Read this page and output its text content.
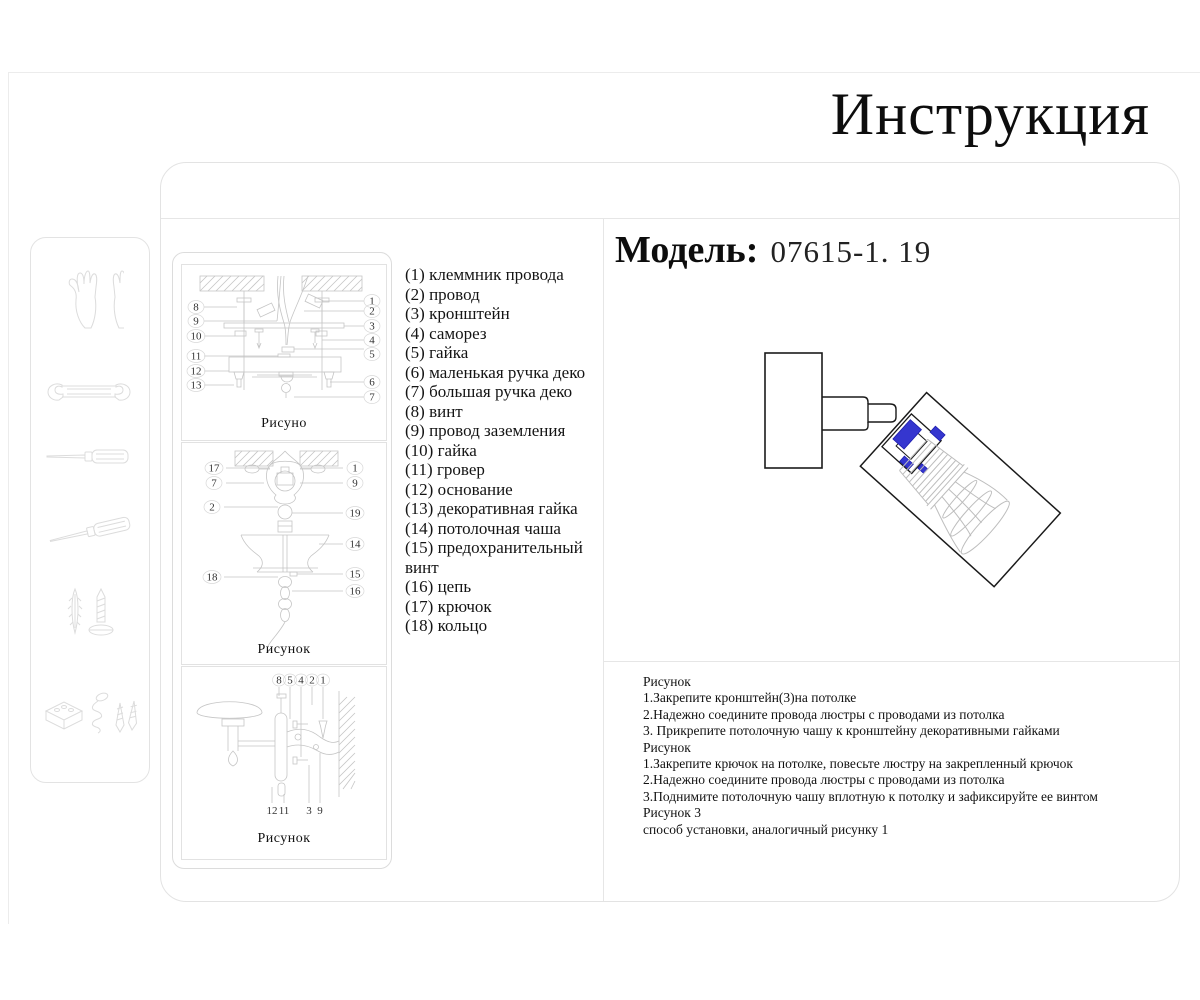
Инструкция
8
9
10
11
12
13
1
2
3
4
5
6
7
Рисуно
17
7
2
18
1
9
19
14
15
16
Рисунок
8 5 4 2 1
12 11 3 9
Рисунок
(1) клеммник провода
(2) провод
(3) кронштейн
(4) саморез
(5) гайка
(6) маленькая ручка деко
(7) большая ручка деко
(8) винт
(9) провод заземления
(10) гайка
(11) гровер
(12) основание
(13) декоративная гайка
(14) потолочная чаша
(15) предохранительный винт
(16) цепь
(17) крючок
(18) кольцо
Модель: 07615-1. 19
Рисунок
1.Закрепите кронштейн(3)на потолке
2.Надежно соедините провода люстры с проводами из потолка
3. Прикрепите потолочную чашу к кронштейну декоративными гайками
Рисунок
1.Закрепите крючок на потолке, повесьте люстру на закрепленный крючок
2.Надежно соедините провода люстры с проводами из потолка
3.Поднимите потолочную чашу вплотную к потолку и зафиксируйте ее винтом
Рисунок 3
способ установки, аналогичный рисунку 1
